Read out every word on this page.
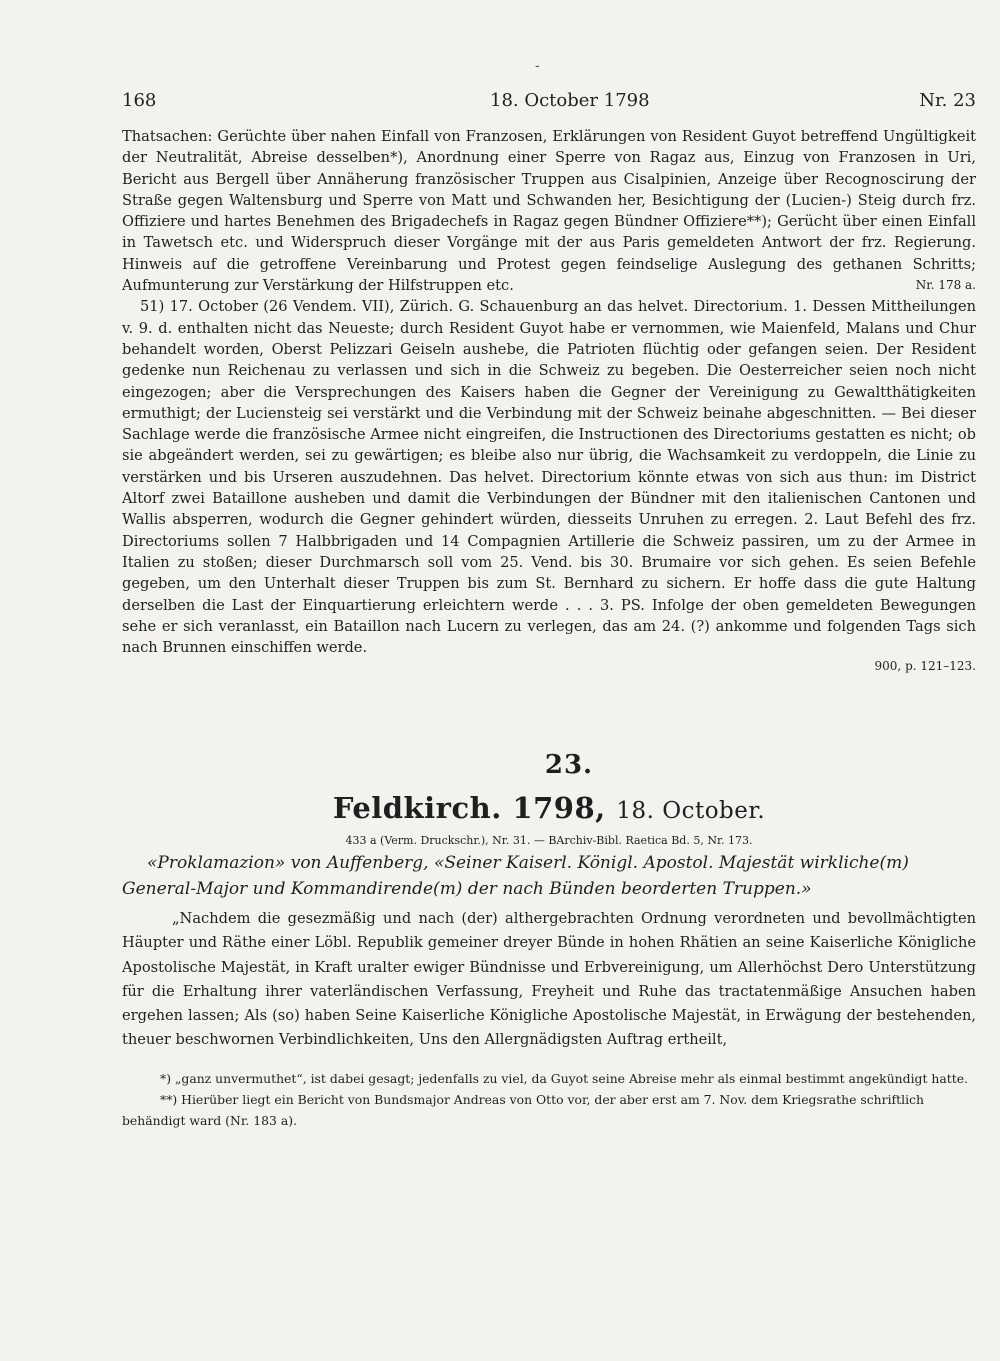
-
168	18. October 1798	Nr. 23

Thatsachen: Gerüchte über nahen Einfall von Franzosen, Erklärungen von Resident Guyot betreffend Ungültigkeit der Neutralität, Abreise desselben*), Anordnung einer Sperre von Ragaz aus, Einzug von Franzosen in Uri, Bericht aus Bergell über Annäherung französischer Truppen aus Cisalpinien, Anzeige über Recognoscirung der Straße gegen Waltensburg und Sperre von Matt und Schwanden her, Besichtigung der (Lucien-) Steig durch frz. Offiziere und hartes Benehmen des Brigadechefs in Ragaz gegen Bündner Offiziere**); Gerücht über einen Einfall in Tawetsch etc. und Widerspruch dieser Vorgänge mit der aus Paris gemeldeten Antwort der frz. Regierung. Hinweis auf die getroffene Vereinbarung und Protest gegen feindselige Auslegung des gethanen Schritts; Aufmunterung zur Verstärkung der Hilfstruppen etc.	Nr. 178 a.

51) 17. October (26 Vendem. VII), Zürich. G. Schauenburg an das helvet. Directorium. 1. Dessen Mittheilungen v. 9. d. enthalten nicht das Neueste; durch Resident Guyot habe er vernommen, wie Maienfeld, Malans und Chur behandelt worden, Oberst Pelizzari Geiseln aushebe, die Patrioten flüchtig oder gefangen seien. Der Resident gedenke nun Reichenau zu verlassen und sich in die Schweiz zu begeben. Die Oesterreicher seien noch nicht eingezogen; aber die Versprechungen des Kaisers haben die Gegner der Vereinigung zu Gewaltthätigkeiten ermuthigt; der Luciensteig sei verstärkt und die Verbindung mit der Schweiz beinahe abgeschnitten. — Bei dieser Sachlage werde die französische Armee nicht eingreifen, die Instructionen des Directoriums gestatten es nicht; ob sie abgeändert werden, sei zu gewärtigen; es bleibe also nur übrig, die Wachsamkeit zu verdoppeln, die Linie zu verstärken und bis Urseren auszudehnen. Das helvet. Directorium könnte etwas von sich aus thun: im District Altorf zwei Bataillone ausheben und damit die Verbindungen der Bündner mit den italienischen Cantonen und Wallis absperren, wodurch die Gegner gehindert würden, diesseits Unruhen zu erregen. 2. Laut Befehl des frz. Directoriums sollen 7 Halbbrigaden und 14 Compagnien Artillerie die Schweiz passiren, um zu der Armee in Italien zu stoßen; dieser Durchmarsch soll vom 25. Vend. bis 30. Brumaire vor sich gehen. Es seien Befehle gegeben, um den Unterhalt dieser Truppen bis zum St. Bernhard zu sichern. Er hoffe dass die gute Haltung derselben die Last der Einquartierung erleichtern werde . . . 3. PS. Infolge der oben gemeldeten Bewegungen sehe er sich veranlasst, ein Bataillon nach Lucern zu verlegen, das am 24. (?) ankomme und folgenden Tags sich nach Brunnen einschiffen werde.

900, p. 121–123.
23.
Feldkirch. 1798, 18. October.
433 a (Verm. Druckschr.), Nr. 31. — BArchiv-Bibl. Raetica Bd. 5, Nr. 173.
«Proklamazion» von Auffenberg, «Seiner Kaiserl. Königl. Apostol. Majestät wirkliche(m) General-Major und Kommandirende(m) der nach Bünden beorderten Truppen.»
„Nachdem die gesezmäßig und nach (der) althergebrachten Ordnung verordneten und bevollmächtigten Häupter und Räthe einer Löbl. Republik gemeiner dreyer Bünde in hohen Rhätien an seine Kaiserliche Königliche Apostolische Majestät, in Kraft uralter ewiger Bündnisse und Erbvereinigung, um Allerhöchst Dero Unterstützung für die Erhaltung ihrer vaterländischen Verfassung, Freyheit und Ruhe das tractatenmäßige Ansuchen haben ergehen lassen; Als (so) haben Seine Kaiserliche Königliche Apostolische Majestät, in Erwägung der bestehenden, theuer beschwornen Verbindlichkeiten, Uns den Allergnädigsten Auftrag ertheilt,

*) „ganz unvermuthet“, ist dabei gesagt; jedenfalls zu viel, da Guyot seine Abreise mehr als einmal bestimmt angekündigt hatte.

**) Hierüber liegt ein Bericht von Bundsmajor Andreas von Otto vor, der aber erst am 7. Nov. dem Kriegsrathe schriftlich behändigt ward (Nr. 183 a).
